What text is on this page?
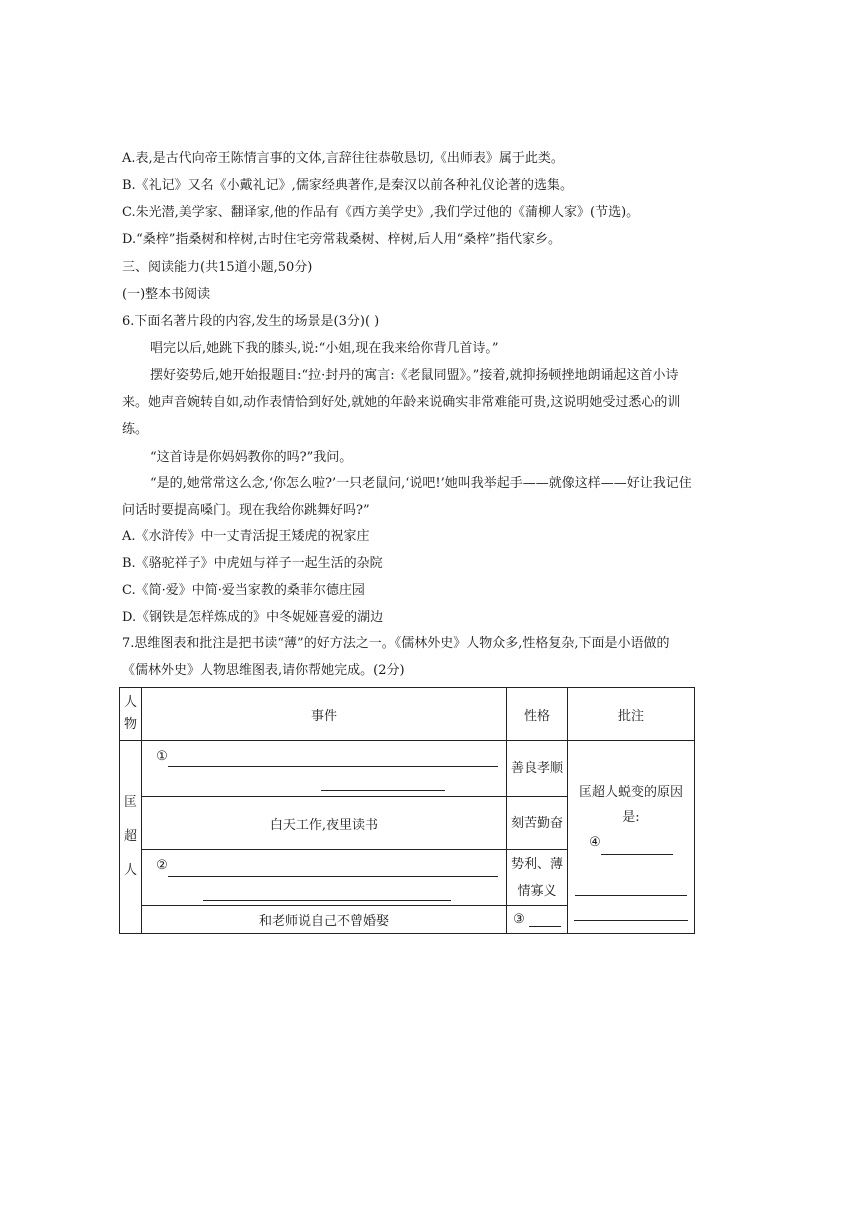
A.表,是古代向帝王陈情言事的文体,言辞往往恭敬恳切,《出师表》属于此类。
B.《礼记》又名《小戴礼记》,儒家经典著作,是秦汉以前各种礼仪论著的选集。
C.朱光潜,美学家、翻译家,他的作品有《西方美学史》,我们学过他的《蒲柳人家》(节选)。
D.“桑梓”指桑树和梓树,古时住宅旁常栽桑树、梓树,后人用“桑梓”指代家乡。
三、阅读能力(共15道小题,50分)
(一)整本书阅读
6.下面名著片段的内容,发生的场景是(3分)( )
唱完以后,她跳下我的膝头,说:“小姐,现在我来给你背几首诗。”
摆好姿势后,她开始报题目:“拉·封丹的寓言:《老鼠同盟》。”接着,就抑扬顿挫地朗诵起这首小诗来。她声音婉转自如,动作表情恰到好处,就她的年龄来说确实非常难能可贵,这说明她受过悉心的训练。
“这首诗是你妈妈教你的吗?”我问。
“是的,她常常这么念,‘你怎么啦?’一只老鼠问,‘说吧!’她叫我举起手——就像这样——好让我记住问话时要提高嗓门。现在我给你跳舞好吗?”
A.《水浒传》中一丈青活捉王矮虎的祝家庄
B.《骆驼祥子》中虎妞与祥子一起生活的杂院
C.《简·爱》中简·爱当家教的桑菲尔德庄园
D.《钢铁是怎样炼成的》中冬妮娅喜爱的湖边
7.思维图表和批注是把书读“薄”的好方法之一。《儒林外史》人物众多,性格复杂,下面是小语做的《儒林外史》人物思维图表,请你帮她完成。(2分)
人物	事件	性格	批注
匡超人	①	善良孝顺	匡超人蜕变的原因是:
④

	白天工作,夜里读书	刻苦勤奋	

	②	势利、薄情寡义	
	和老师说自己不曾婚娶	③	
